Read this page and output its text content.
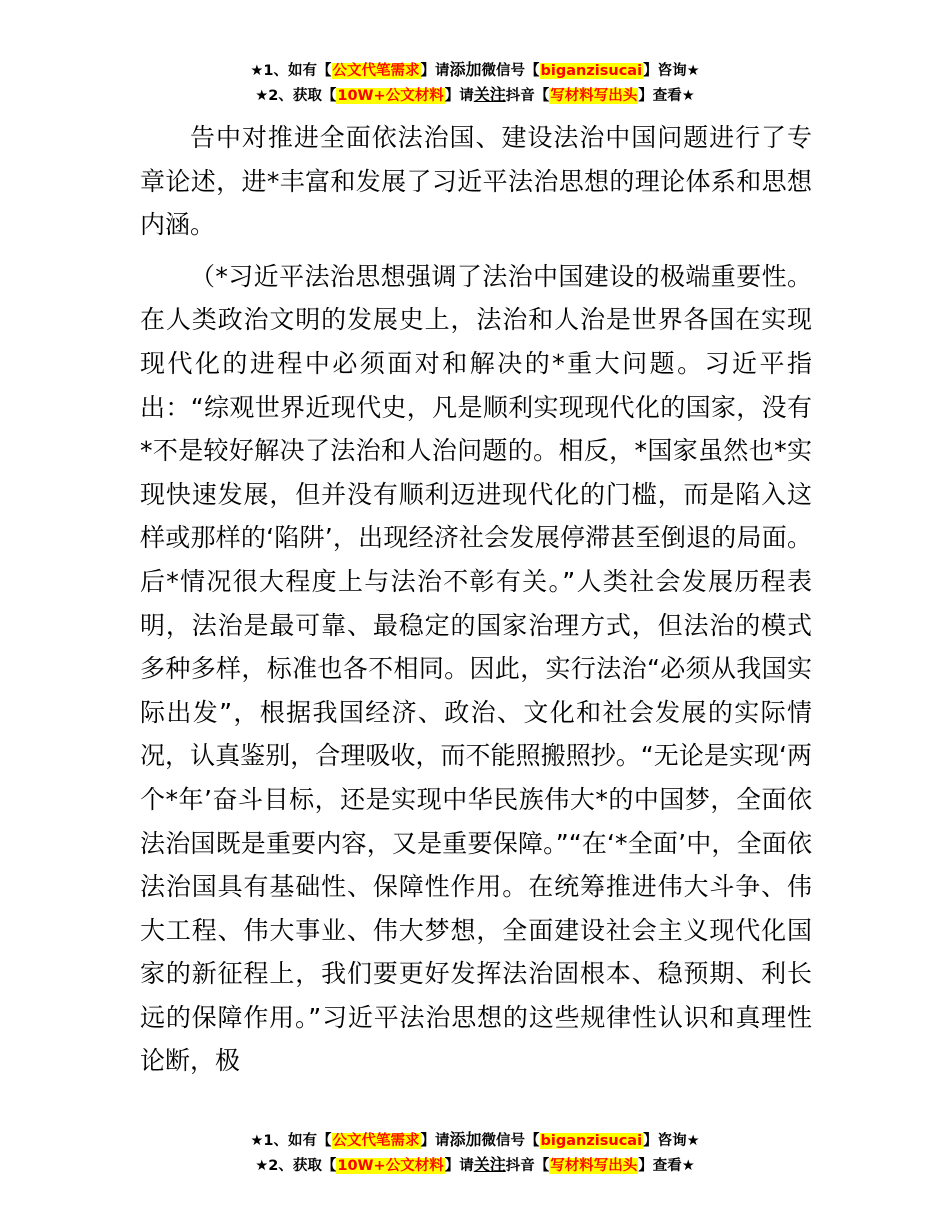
★1、如有【公文代笔需求】请添加微信号【biganzisucai】咨询★
★2、获取【10W+公文材料】请关注抖音【写材料写出头】查看★

告中对推进全面依法治国、建设法治中国问题进行了专章论述，进*丰富和发展了习近平法治思想的理论体系和思想内涵。

（*习近平法治思想强调了法治中国建设的极端重要性。在人类政治文明的发展史上，法治和人治是世界各国在实现现代化的进程中必须面对和解决的*重大问题。习近平指出：“综观世界近现代史，凡是顺利实现现代化的国家，没有*不是较好解决了法治和人治问题的。相反，*国家虽然也*实现快速发展，但并没有顺利迈进现代化的门槛，而是陷入这样或那样的‘陷阱’，出现经济社会发展停滞甚至倒退的局面。后*情况很大程度上与法治不彰有关。”人类社会发展历程表明，法治是最可靠、最稳定的国家治理方式，但法治的模式多种多样，标准也各不相同。因此，实行法治“必须从我国实际出发”，根据我国经济、政治、文化和社会发展的实际情况，认真鉴别，合理吸收，而不能照搬照抄。“无论是实现‘两个*年’奋斗目标，还是实现中华民族伟大*的中国梦，全面依法治国既是重要内容，又是重要保障。”“在‘*全面’中，全面依法治国具有基础性、保障性作用。在统筹推进伟大斗争、伟大工程、伟大事业、伟大梦想，全面建设社会主义现代化国家的新征程上，我们要更好发挥法治固根本、稳预期、利长远的保障作用。”习近平法治思想的这些规律性认识和真理性论断，极

★1、如有【公文代笔需求】请添加微信号【biganzisucai】咨询★
★2、获取【10W+公文材料】请关注抖音【写材料写出头】查看★
